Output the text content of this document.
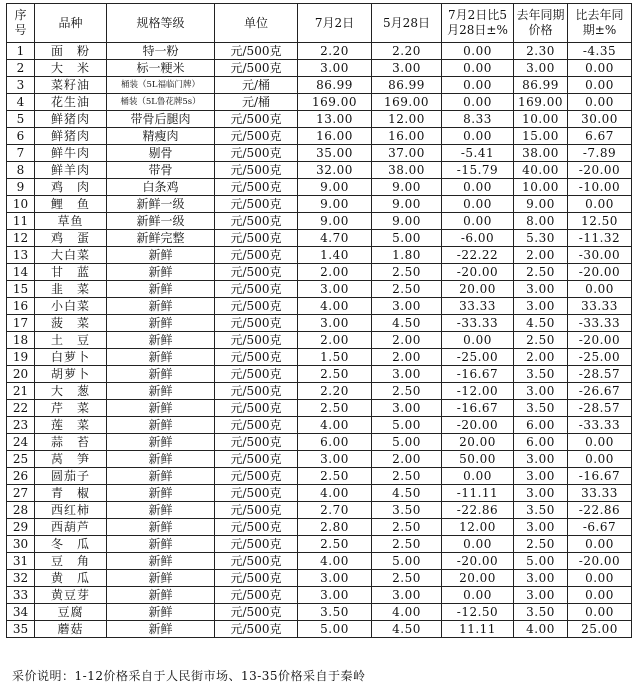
序号	品种	规格等级	单位	7月2日	5月28日	7月2日比5月28日±%	去年同期价格	比去年同期±%
1	面　粉	特一粉	元/500克	2.20	2.20	0.00	2.30	-4.35
2	大　米	标一粳米	元/500克	3.00	3.00	0.00	3.00	0.00
3	菜籽油	桶装（5L福临门牌）	元/桶	86.99	86.99	0.00	86.99	0.00
4	花生油	桶装（5L鲁花牌5s）	元/桶	169.00	169.00	0.00	169.00	0.00
5	鲜猪肉	带骨后腿肉	元/500克	13.00	12.00	8.33	10.00	30.00
6	鲜猪肉	精瘦肉	元/500克	16.00	16.00	0.00	15.00	6.67
7	鲜牛肉	剔骨	元/500克	35.00	37.00	-5.41	38.00	-7.89
8	鲜羊肉	带骨	元/500克	32.00	38.00	-15.79	40.00	-20.00
9	鸡　肉	白条鸡	元/500克	9.00	9.00	0.00	10.00	-10.00
10	鲤　鱼	新鲜一级	元/500克	9.00	9.00	0.00	9.00	0.00
11	草鱼	新鲜一级	元/500克	9.00	9.00	0.00	8.00	12.50
12	鸡　蛋	新鲜完整	元/500克	4.70	5.00	-6.00	5.30	-11.32
13	大白菜	新鲜	元/500克	1.40	1.80	-22.22	2.00	-30.00
14	甘　蓝	新鲜	元/500克	2.00	2.50	-20.00	2.50	-20.00
15	韭　菜	新鲜	元/500克	3.00	2.50	20.00	3.00	0.00
16	小白菜	新鲜	元/500克	4.00	3.00	33.33	3.00	33.33
17	菠　菜	新鲜	元/500克	3.00	4.50	-33.33	4.50	-33.33
18	土　豆	新鲜	元/500克	2.00	2.00	0.00	2.50	-20.00
19	白萝卜	新鲜	元/500克	1.50	2.00	-25.00	2.00	-25.00
20	胡萝卜	新鲜	元/500克	2.50	3.00	-16.67	3.50	-28.57
21	大　葱	新鲜	元/500克	2.20	2.50	-12.00	3.00	-26.67
22	芹　菜	新鲜	元/500克	2.50	3.00	-16.67	3.50	-28.57
23	莲　菜	新鲜	元/500克	4.00	5.00	-20.00	6.00	-33.33
24	蒜　苔	新鲜	元/500克	6.00	5.00	20.00	6.00	0.00
25	莴　笋	新鲜	元/500克	3.00	2.00	50.00	3.00	0.00
26	圆茄子	新鲜	元/500克	2.50	2.50	0.00	3.00	-16.67
27	青　椒	新鲜	元/500克	4.00	4.50	-11.11	3.00	33.33
28	西红柿	新鲜	元/500克	2.70	3.50	-22.86	3.50	-22.86
29	西葫芦	新鲜	元/500克	2.80	2.50	12.00	3.00	-6.67
30	冬　瓜	新鲜	元/500克	2.50	2.50	0.00	2.50	0.00
31	豆　角	新鲜	元/500克	4.00	5.00	-20.00	5.00	-20.00
32	黄　瓜	新鲜	元/500克	3.00	2.50	20.00	3.00	0.00
33	黄豆芽	新鲜	元/500克	3.00	3.00	0.00	3.00	0.00
34	豆腐	新鲜	元/500克	3.50	4.00	-12.50	3.50	0.00
35	蘑菇	新鲜	元/500克	5.00	4.50	11.11	4.00	25.00
采价说明：1-12价格采自于人民街市场、13-35价格采自于秦岭
